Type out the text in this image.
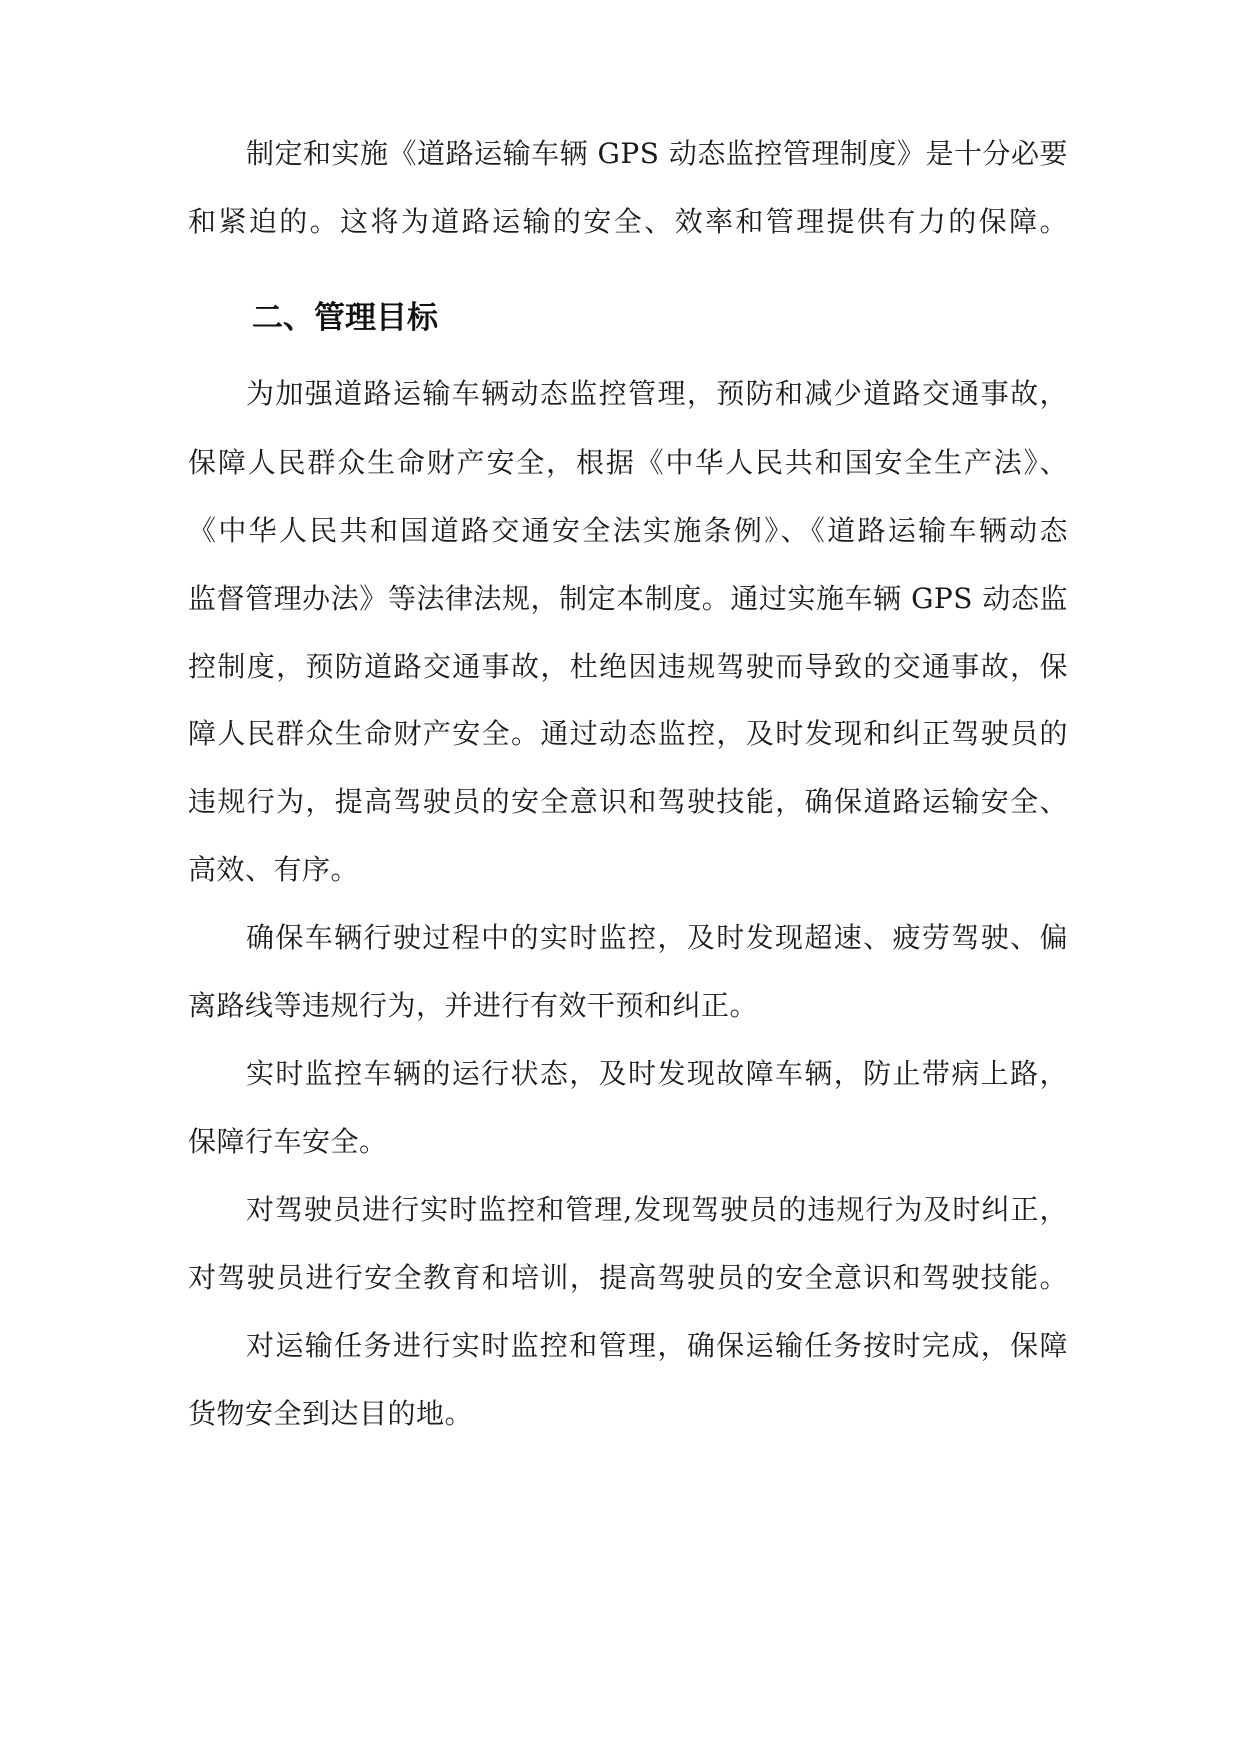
制定和实施《道路运输车辆 GPS 动态监控管理制度》是十分必要
和紧迫的。这将为道路运输的安全、效率和管理提供有力的保障。
二、管理目标
为加强道路运输车辆动态监控管理，预防和减少道路交通事故，
保障人民群众生命财产安全，根据《中华人民共和国安全生产法》、
《中华人民共和国道路交通安全法实施条例》、《道路运输车辆动态
监督管理办法》等法律法规，制定本制度。通过实施车辆 GPS 动态监
控制度，预防道路交通事故，杜绝因违规驾驶而导致的交通事故，保
障人民群众生命财产安全。通过动态监控，及时发现和纠正驾驶员的
违规行为，提高驾驶员的安全意识和驾驶技能，确保道路运输安全、
高效、有序。
确保车辆行驶过程中的实时监控，及时发现超速、疲劳驾驶、偏
离路线等违规行为，并进行有效干预和纠正。
实时监控车辆的运行状态，及时发现故障车辆，防止带病上路，
保障行车安全。
对驾驶员进行实时监控和管理,发现驾驶员的违规行为及时纠正，
对驾驶员进行安全教育和培训，提高驾驶员的安全意识和驾驶技能。
对运输任务进行实时监控和管理，确保运输任务按时完成，保障
货物安全到达目的地。
